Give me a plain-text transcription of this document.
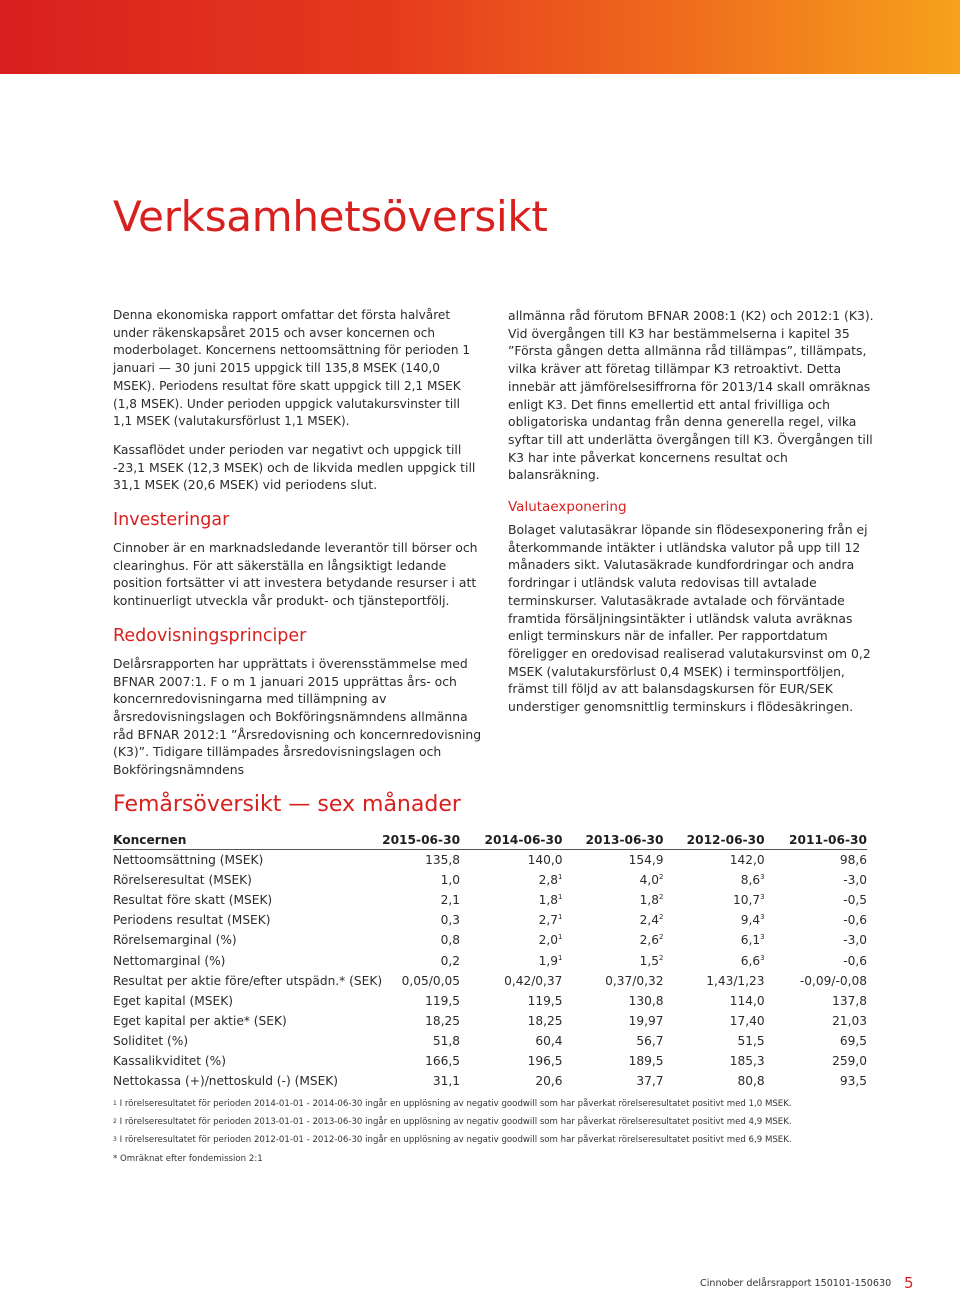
Verksamhetsöversikt

Denna ekonomiska rapport omfattar det första halvåret under räkenskapsåret 2015 och avser koncernen och moderbolaget. Koncernens nettoomsättning för perioden 1 januari — 30 juni 2015 uppgick till 135,8 MSEK (140,0 MSEK). Periodens resultat före skatt uppgick till 2,1 MSEK (1,8 MSEK). Under perioden uppgick valutakursvinster till 1,1 MSEK (valutakursförlust 1,1 MSEK).

Kassaflödet under perioden var negativt och uppgick till -23,1 MSEK (12,3 MSEK) och de likvida medlen uppgick till 31,1 MSEK (20,6 MSEK) vid periodens slut.

Investeringar

Cinnober är en marknadsledande leverantör till börser och clearinghus. För att säkerställa en långsiktigt ledande position fortsätter vi att investera betydande resurser i att kontinuerligt utveckla vår produkt- och tjänsteportfölj.

Redovisningsprinciper

Delårsrapporten har upprättats i överensstämmelse med BFNAR 2007:1. F o m 1 januari 2015 upprättas års- och koncernredovisningarna med tillämpning av årsredovisningslagen och Bokföringsnämndens allmänna råd BFNAR 2012:1 ”Årsredovisning och koncernredovisning (K3)”. Tidigare tillämpades årsredovisningslagen och Bokföringsnämndens

allmänna råd förutom BFNAR 2008:1 (K2) och 2012:1 (K3). Vid övergången till K3 har bestämmelserna i kapitel 35 ”Första gången detta allmänna råd tillämpas”, tillämpats, vilka kräver att företag tillämpar K3 retroaktivt. Detta innebär att jämförelsesiffrorna för 2013/14 skall omräknas enligt K3. Det finns emellertid ett antal frivilliga och obligatoriska undantag från denna generella regel, vilka syftar till att underlätta övergången till K3. Övergången till K3 har inte påverkat koncernens resultat och balansräkning.

Valutaexponering

Bolaget valutasäkrar löpande sin flödesexponering från ej återkommande intäkter i utländska valutor på upp till 12 månaders sikt. Valutasäkrade kundfordringar och andra fordringar i utländsk valuta redovisas till avtalade terminskurser. Valutasäkrade avtalade och förväntade framtida försäljningsintäkter i utländsk valuta avräknas enligt terminskurs när de infaller. Per rapportdatum föreligger en oredovisad realiserad valutakursvinst om 0,2 MSEK (valutakursförlust 0,4 MSEK) i terminsportföljen, främst till följd av att balansdagskursen för EUR/SEK understiger genomsnittlig terminskurs i flödesäkringen.

Femårsöversikt — sex månader
Koncernen	2015-06-30	2014-06-30	2013-06-30	2012-06-30	2011-06-30
Nettoomsättning (MSEK)	135,8	140,0	154,9	142,0	98,6
Rörelseresultat (MSEK)	1,0	$2,8^1$	$4,0^2$	$8,6^3$	-3,0
Resultat före skatt (MSEK)	2,1	$1,8^1$	$1,8^2$	10,7$^3$	-0,5
Periodens resultat (MSEK)	0,3	$2,7^1$	$2,4^2$	$9,4^3$	-0,6
Rörelsemarginal (%)	0,8	$2,0^1$	$2,6^2$	$6,1^3$	-3,0
Nettomarginal (%)	0,2	$1,9^1$	$1,5^2$	$6,6^3$	-0,6
Resultat per aktie före/efter utspädn.* (SEK)	0,05/0,05	0,42/0,37	0,37/0,32	1,43/1,23	-0,09/-0,08
Eget kapital (MSEK)	119,5	119,5	130,8	114,0	137,8
Eget kapital per aktie* (SEK)	18,25	18,25	19,97	17,40	21,03
Soliditet (%)	51,8	60,4	56,7	51,5	69,5
Kassalikviditet (%)	166,5	196,5	189,5	185,3	259,0
Nettokassa (+)/nettoskuld (-) (MSEK)	31,1	20,6	37,7	80,8	93,5
$^1$ I rörelseresultatet för perioden 2014-01-01 - 2014-06-30 ingår en upplösning av negativ goodwill som har påverkat rörelseresultatet positivt med 1,0 MSEK.
$^2$ I rörelseresultatet för perioden 2013-01-01 - 2013-06-30 ingår en upplösning av negativ goodwill som har påverkat rörelseresultatet positivt med 4,9 MSEK.
$^3$ I rörelseresultatet för perioden 2012-01-01 - 2012-06-30 ingår en upplösning av negativ goodwill som har påverkat rörelseresultatet positivt med 6,9 MSEK.
* Omräknat efter fondemission 2:1
Cinnober delårsrapport 150101-150630 5
